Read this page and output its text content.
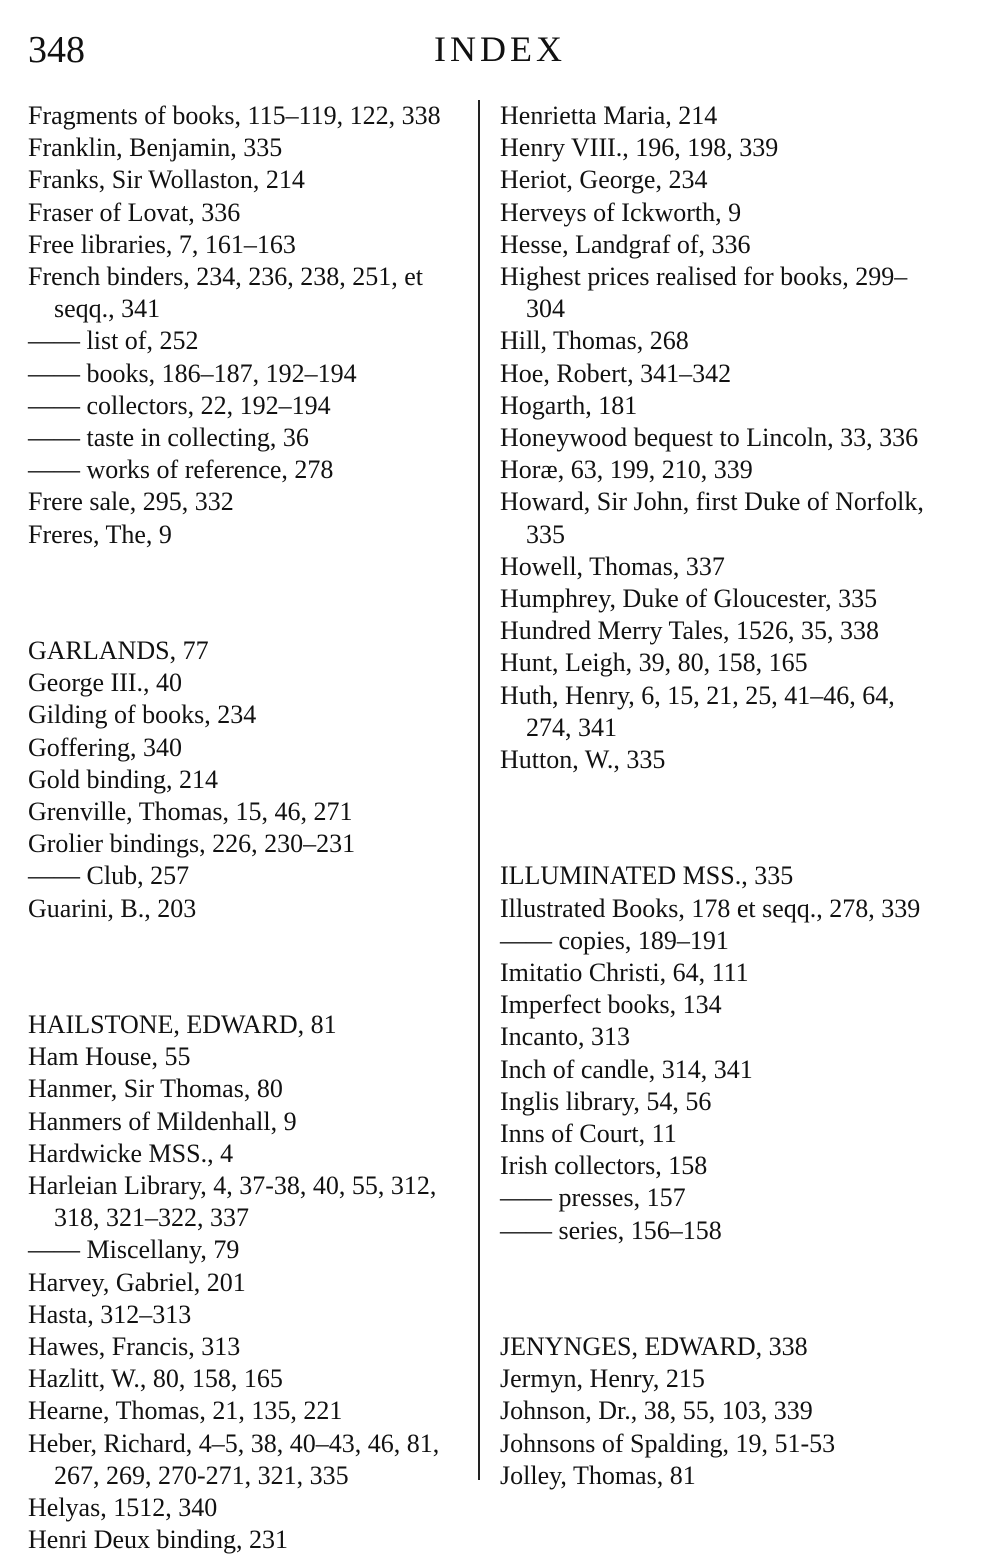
348	INDEX

Fragments of books, 115–119, 122, 338

Franklin, Benjamin, 335

Franks, Sir Wollaston, 214

Fraser of Lovat, 336

Free libraries, 7, 161–163

French binders, 234, 236, 238, 251, et seqq., 341

—— list of, 252

—— books, 186–187, 192–194

—— collectors, 22, 192–194

—— taste in collecting, 36

—— works of reference, 278

Frere sale, 295, 332

Freres, The, 9

GARLANDS, 77

George III., 40

Gilding of books, 234

Goffering, 340

Gold binding, 214

Grenville, Thomas, 15, 46, 271

Grolier bindings, 226, 230–231

—— Club, 257

Guarini, B., 203

HAILSTONE, EDWARD, 81

Ham House, 55

Hanmer, Sir Thomas, 80

Hanmers of Mildenhall, 9

Hardwicke MSS., 4

Harleian Library, 4, 37-38, 40, 55, 312, 318, 321–322, 337

—— Miscellany, 79

Harvey, Gabriel, 201

Hasta, 312–313

Hawes, Francis, 313

Hazlitt, W., 80, 158, 165

Hearne, Thomas, 21, 135, 221

Heber, Richard, 4–5, 38, 40–43, 46, 81, 267, 269, 270-271, 321, 335

Helyas, 1512, 340

Henri Deux binding, 231

Henrietta Maria, 214

Henry VIII., 196, 198, 339

Heriot, George, 234

Herveys of Ickworth, 9

Hesse, Landgraf of, 336

Highest prices realised for books, 299–304

Hill, Thomas, 268

Hoe, Robert, 341–342

Hogarth, 181

Honeywood bequest to Lincoln, 33, 336

Horæ, 63, 199, 210, 339

Howard, Sir John, first Duke of Norfolk, 335

Howell, Thomas, 337

Humphrey, Duke of Gloucester, 335

Hundred Merry Tales, 1526, 35, 338

Hunt, Leigh, 39, 80, 158, 165

Huth, Henry, 6, 15, 21, 25, 41–46, 64, 274, 341

Hutton, W., 335

ILLUMINATED MSS., 335

Illustrated Books, 178 et seqq., 278, 339

—— copies, 189–191

Imitatio Christi, 64, 111

Imperfect books, 134

Incanto, 313

Inch of candle, 314, 341

Inglis library, 54, 56

Inns of Court, 11

Irish collectors, 158

—— presses, 157

—— series, 156–158

JENYNGES, EDWARD, 338

Jermyn, Henry, 215

Johnson, Dr., 38, 55, 103, 339

Johnsons of Spalding, 19, 51-53

Jolley, Thomas, 81
